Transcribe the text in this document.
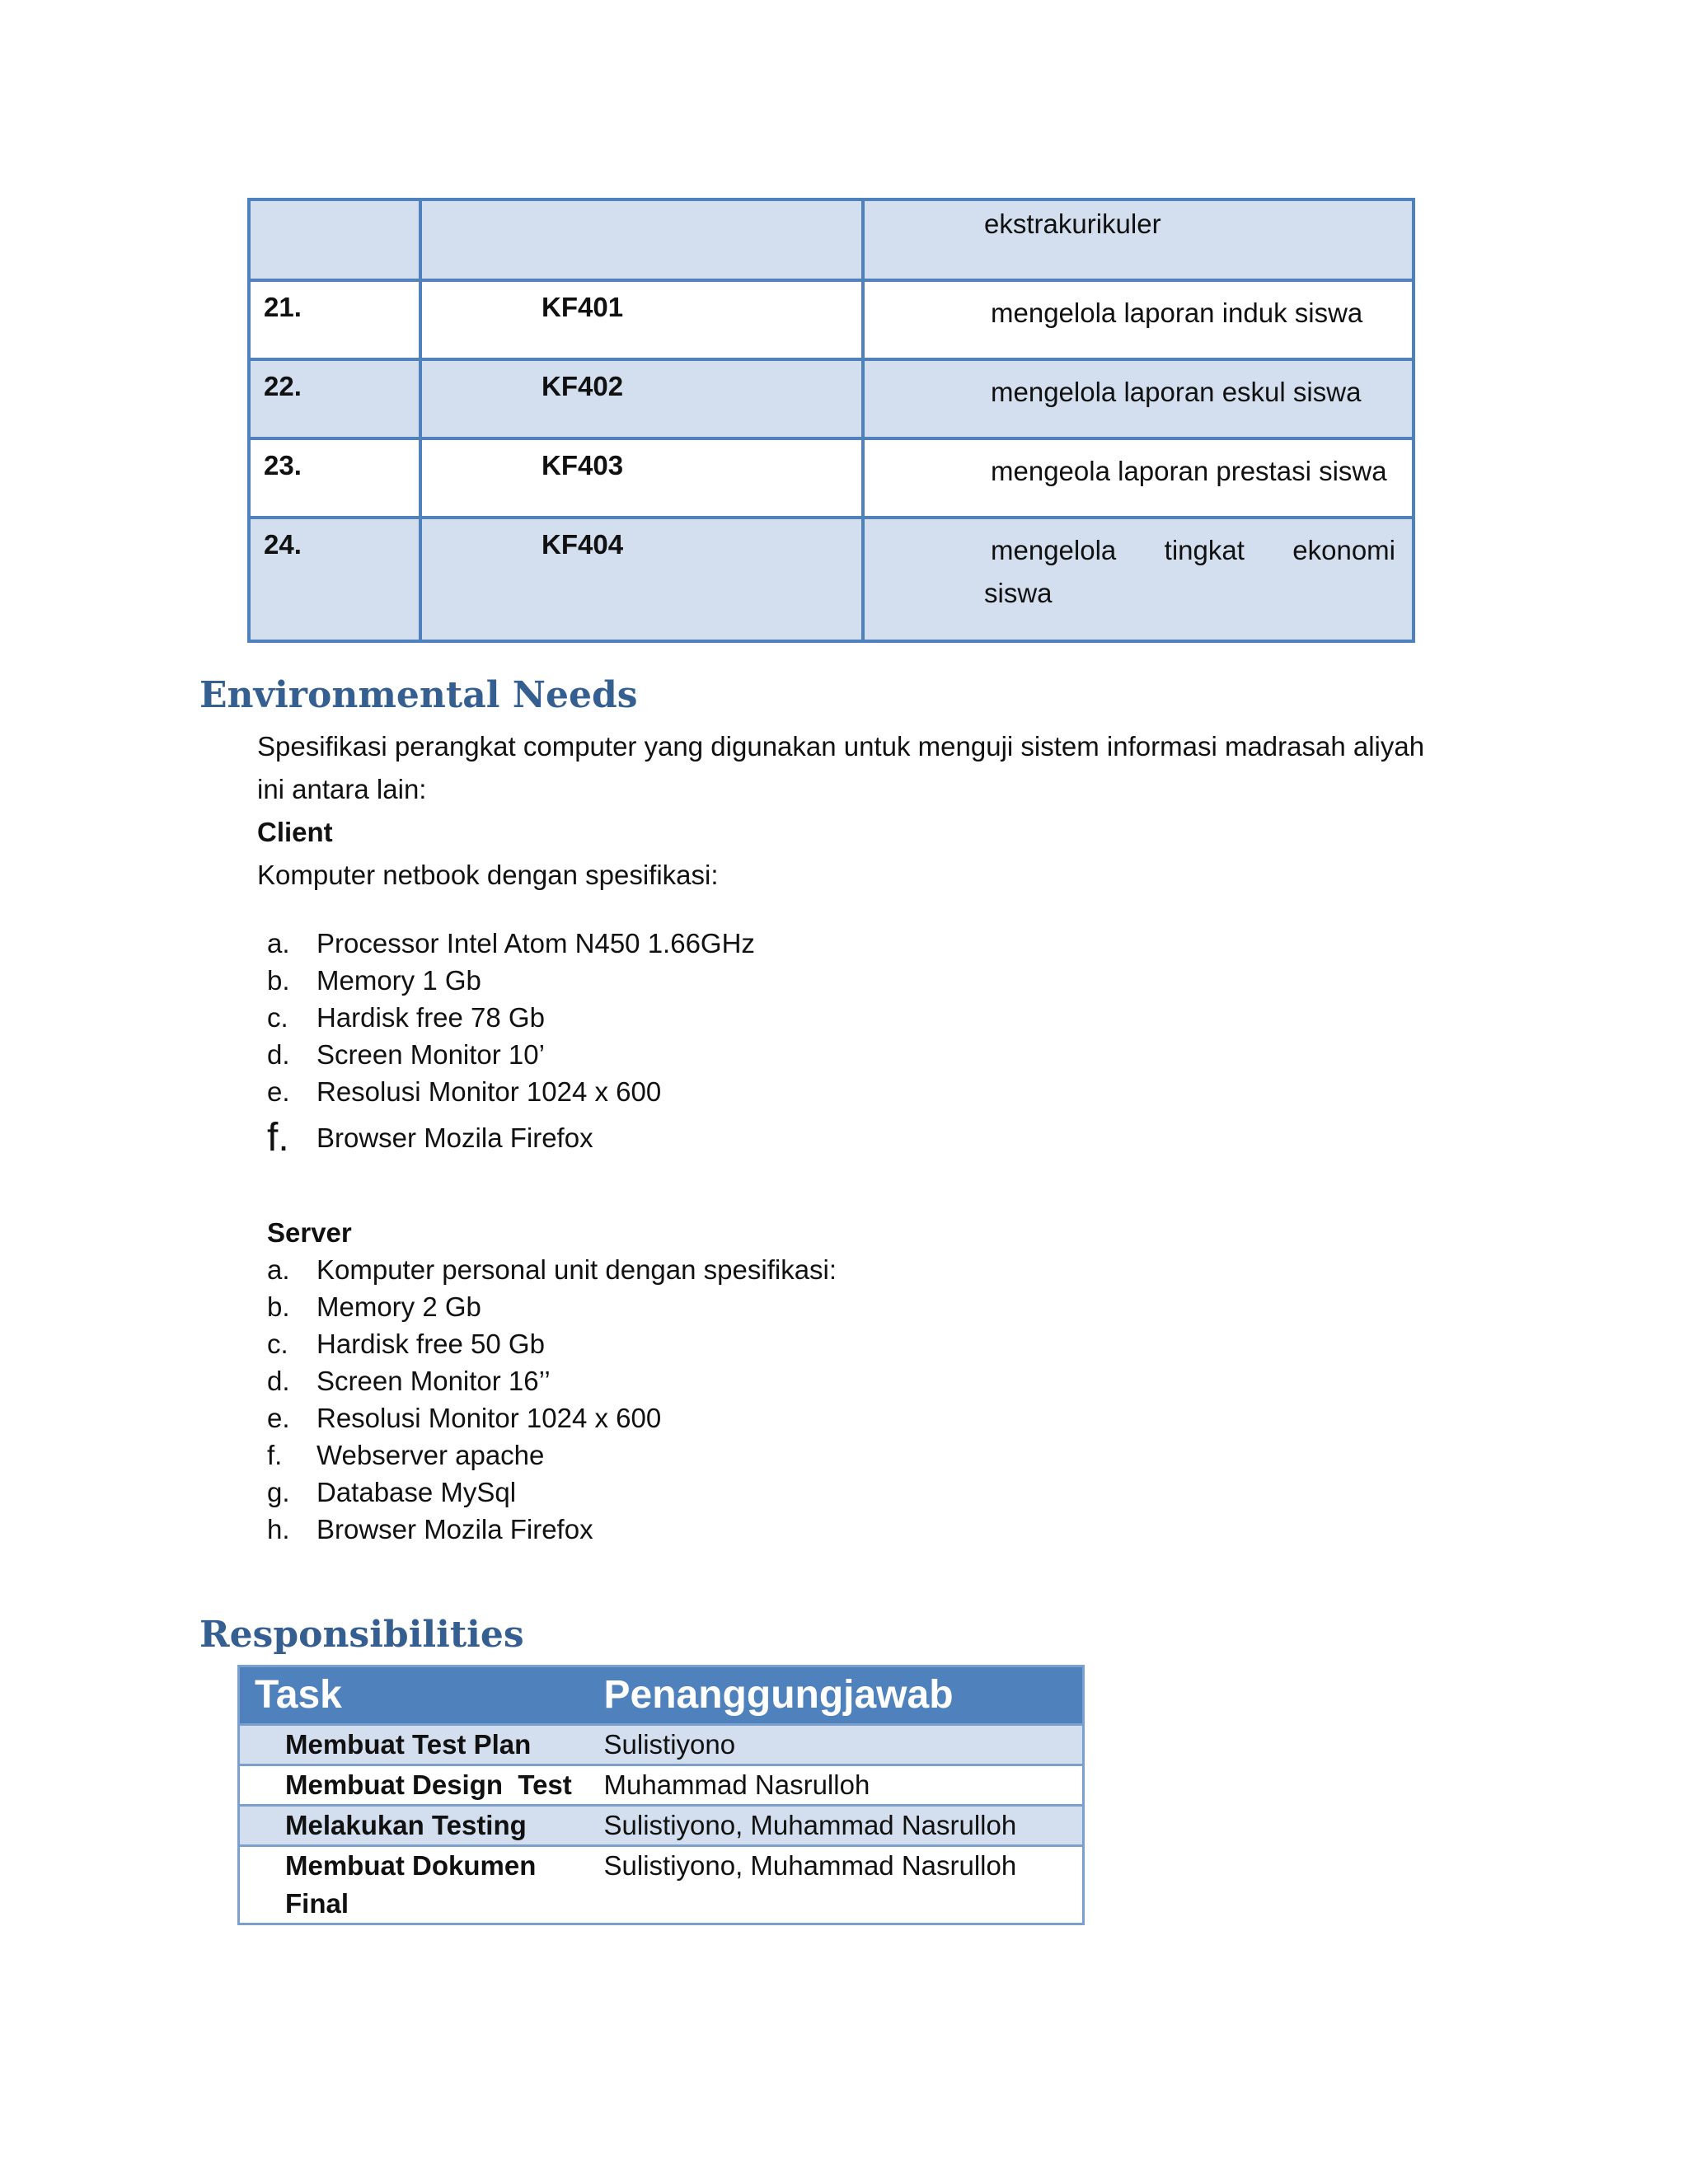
		ekstrakurikuler
21.	KF401	mengelola laporan induk siswa

22.	KF402	mengelola laporan eskul siswa

23.	KF403	mengeola laporan prestasi siswa

24.	KF404	mengelola tingkat ekonomi
siswa
Environmental Needs
Spesifikasi perangkat computer yang digunakan untuk menguji sistem informasi madrasah aliyah
ini antara lain:
Client
Komputer netbook dengan spesifikasi:
a. Processor Intel Atom N450 1.66GHz
b. Memory 1 Gb
c.	Hardisk free 78 Gb
d. Screen Monitor 10’
e. Resolusi Monitor 1024 x 600
f.	Browser Mozila Firefox
Server
a. Komputer personal unit dengan spesifikasi:
b. Memory 2 Gb
c.	Hardisk free 50 Gb
d. Screen Monitor 16’’
e. Resolusi Monitor 1024 x 600
f.	Webserver apache
g. Database MySql
h. Browser Mozila Firefox
Responsibilities
Task	Penanggungjawab
Membuat Test Plan	Sulistiyono
Membuat Design  Test	Muhammad Nasrulloh
Melakukan Testing	Sulistiyono, Muhammad Nasrulloh

Membuat Dokumen
Final	Sulistiyono, Muhammad Nasrulloh
